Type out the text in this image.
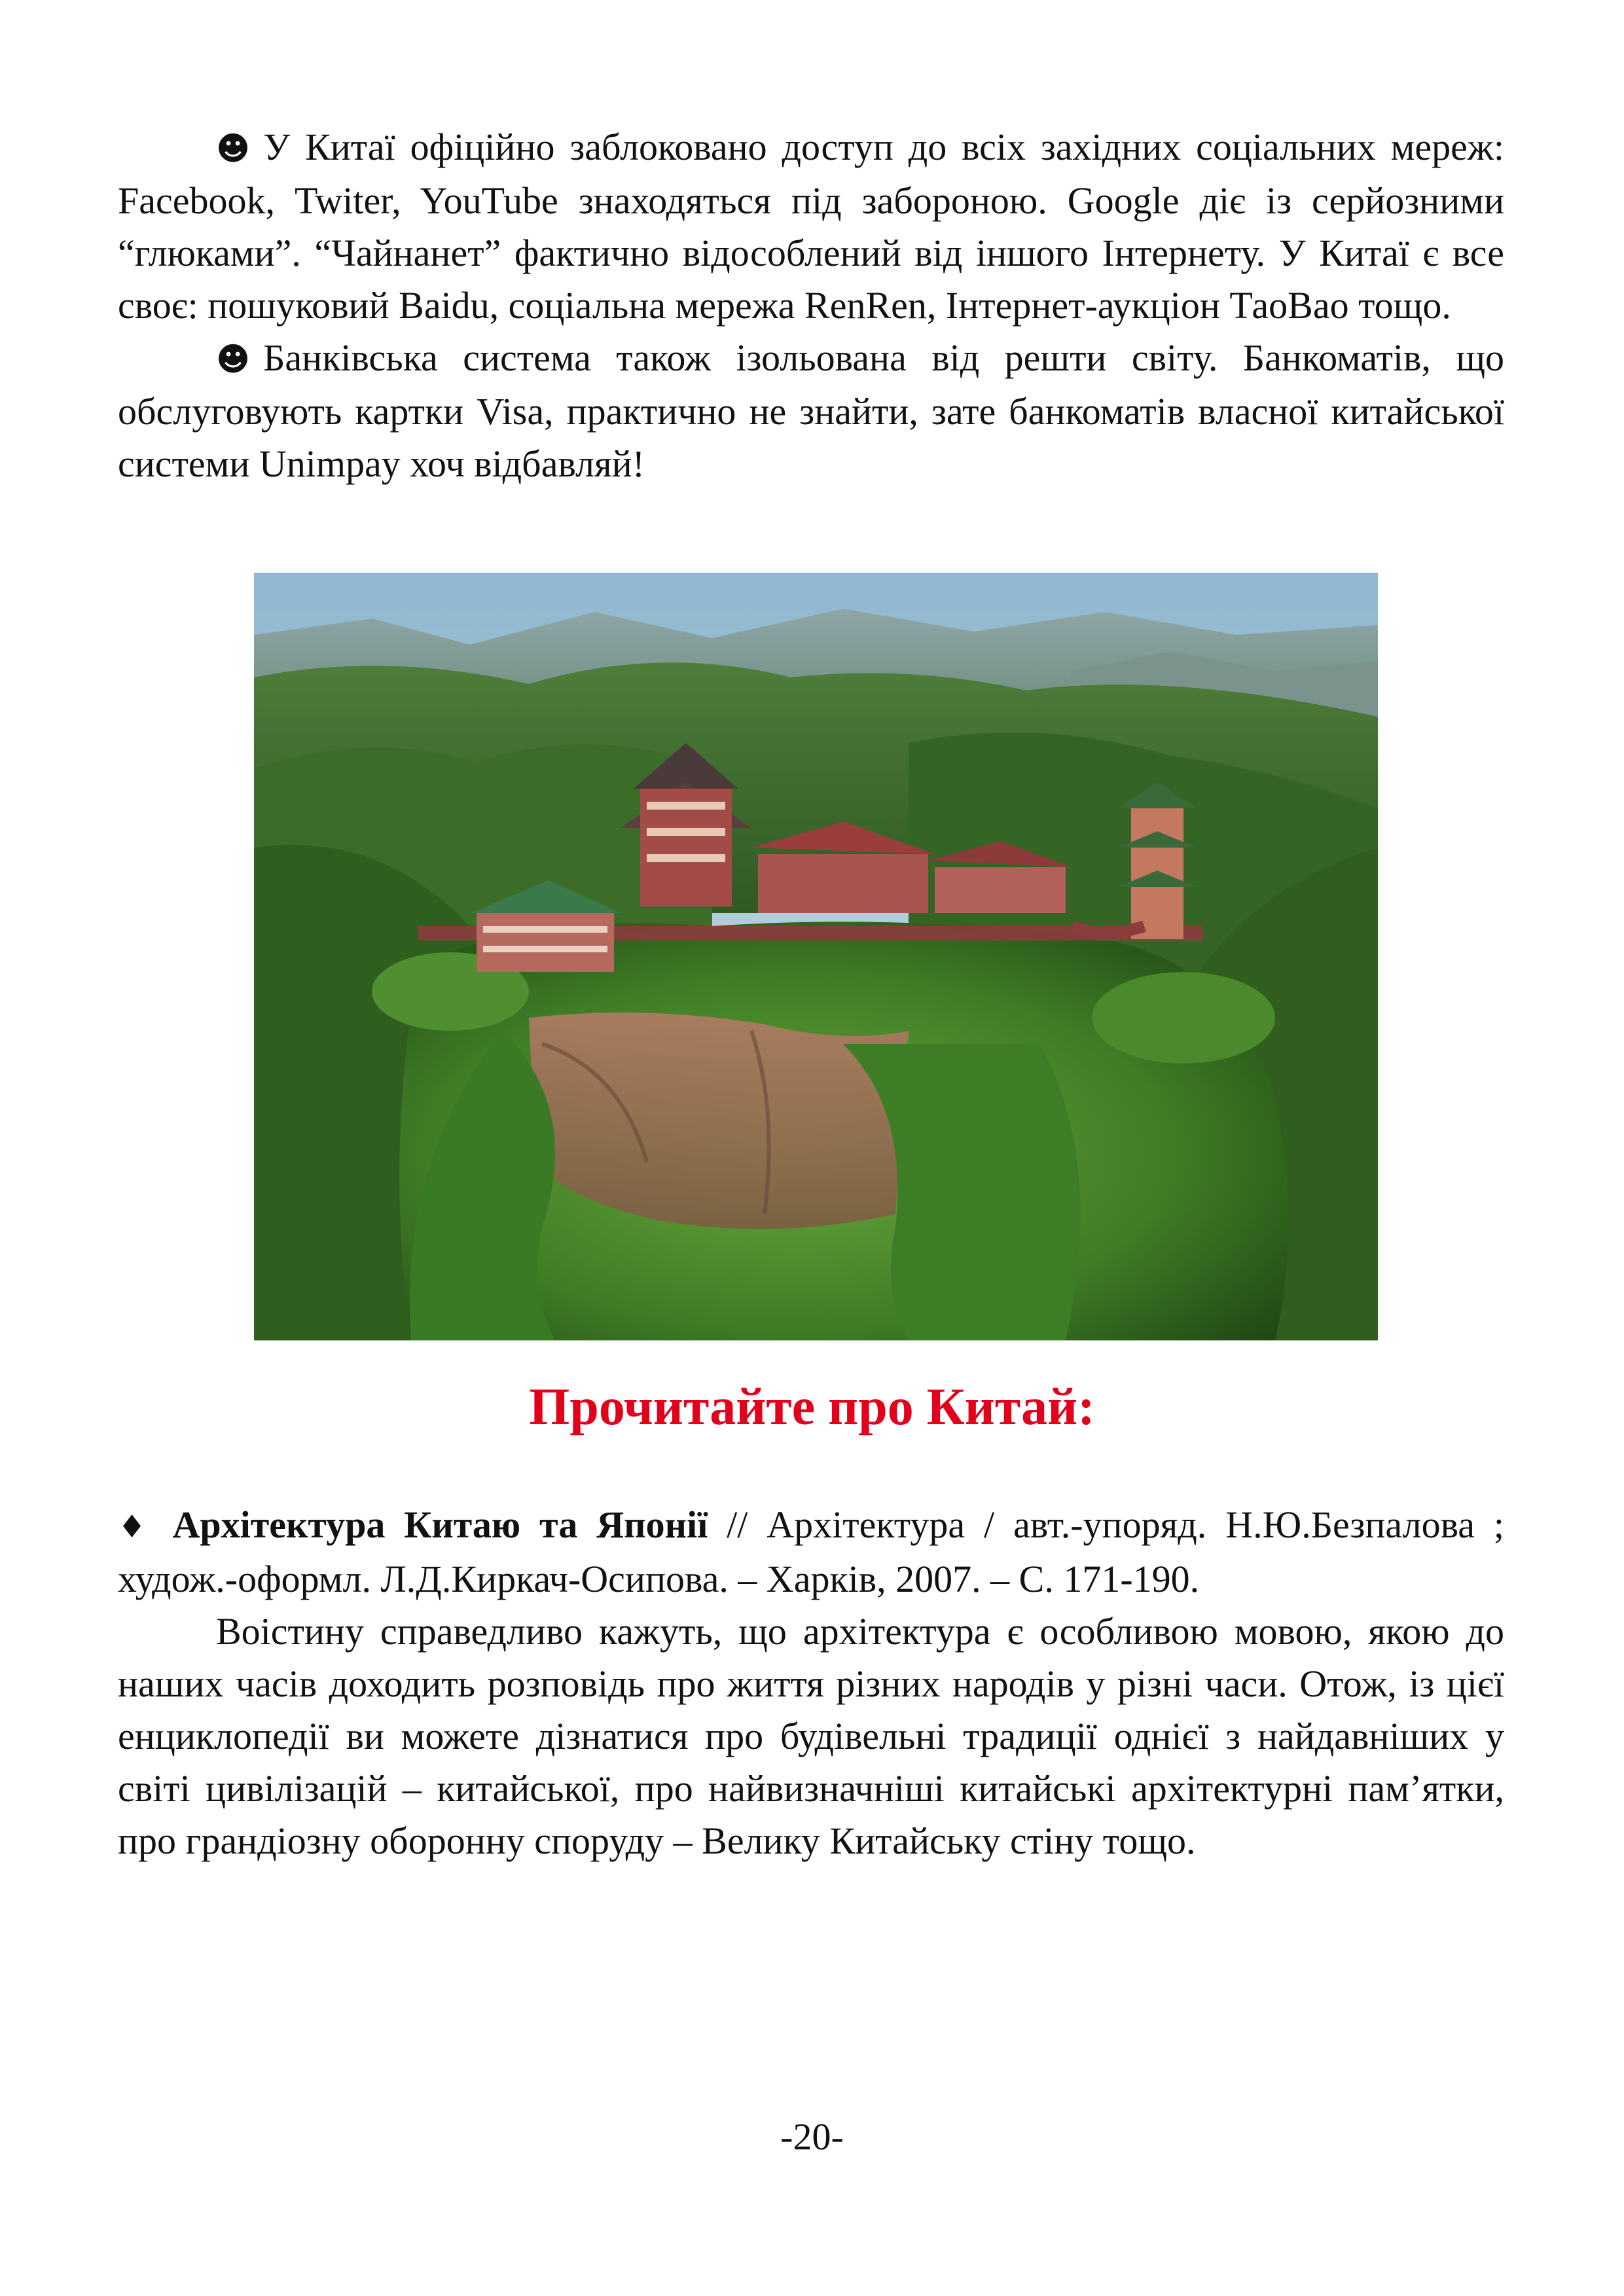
☻ У Китаї офіційно заблоковано доступ до всіх західних соціальних мереж: Facebook, Twiter, YouTube знаходяться під забороною. Google діє із серйозними “глюками”. “Чайнанет” фактично відособлений від іншого Інтернету. У Китаї є все своє: пошуковий Baidu, соціальна мережа RenRen, Інтернет-аукціон ТаоВао тощо.

☻ Банківська система також ізольована від решти світу. Банкоматів, що обслуговують картки Visa, практично не знайти, зате банкоматів власної китайської системи Unimpay хоч відбавляй!

Прочитайте про Китай:

♦ Архітектура Китаю та Японії // Архітектура / авт.-упоряд. Н.Ю.Безпалова ; худож.-оформл. Л.Д.Киркач-Осипова. – Харків, 2007. – С. 171-190.

Воістину справедливо кажуть, що архітектура є особливою мовою, якою до наших часів доходить розповідь про життя різних народів у різні часи. Отож, із цієї енциклопедії ви можете дізнатися про будівельні традиції однієї з найдавніших у світі цивілізацій – китайської, про найвизначніші китайські архітектурні пам’ятки, про грандіозну оборонну споруду – Велику Китайську стіну тощо.

-20-
